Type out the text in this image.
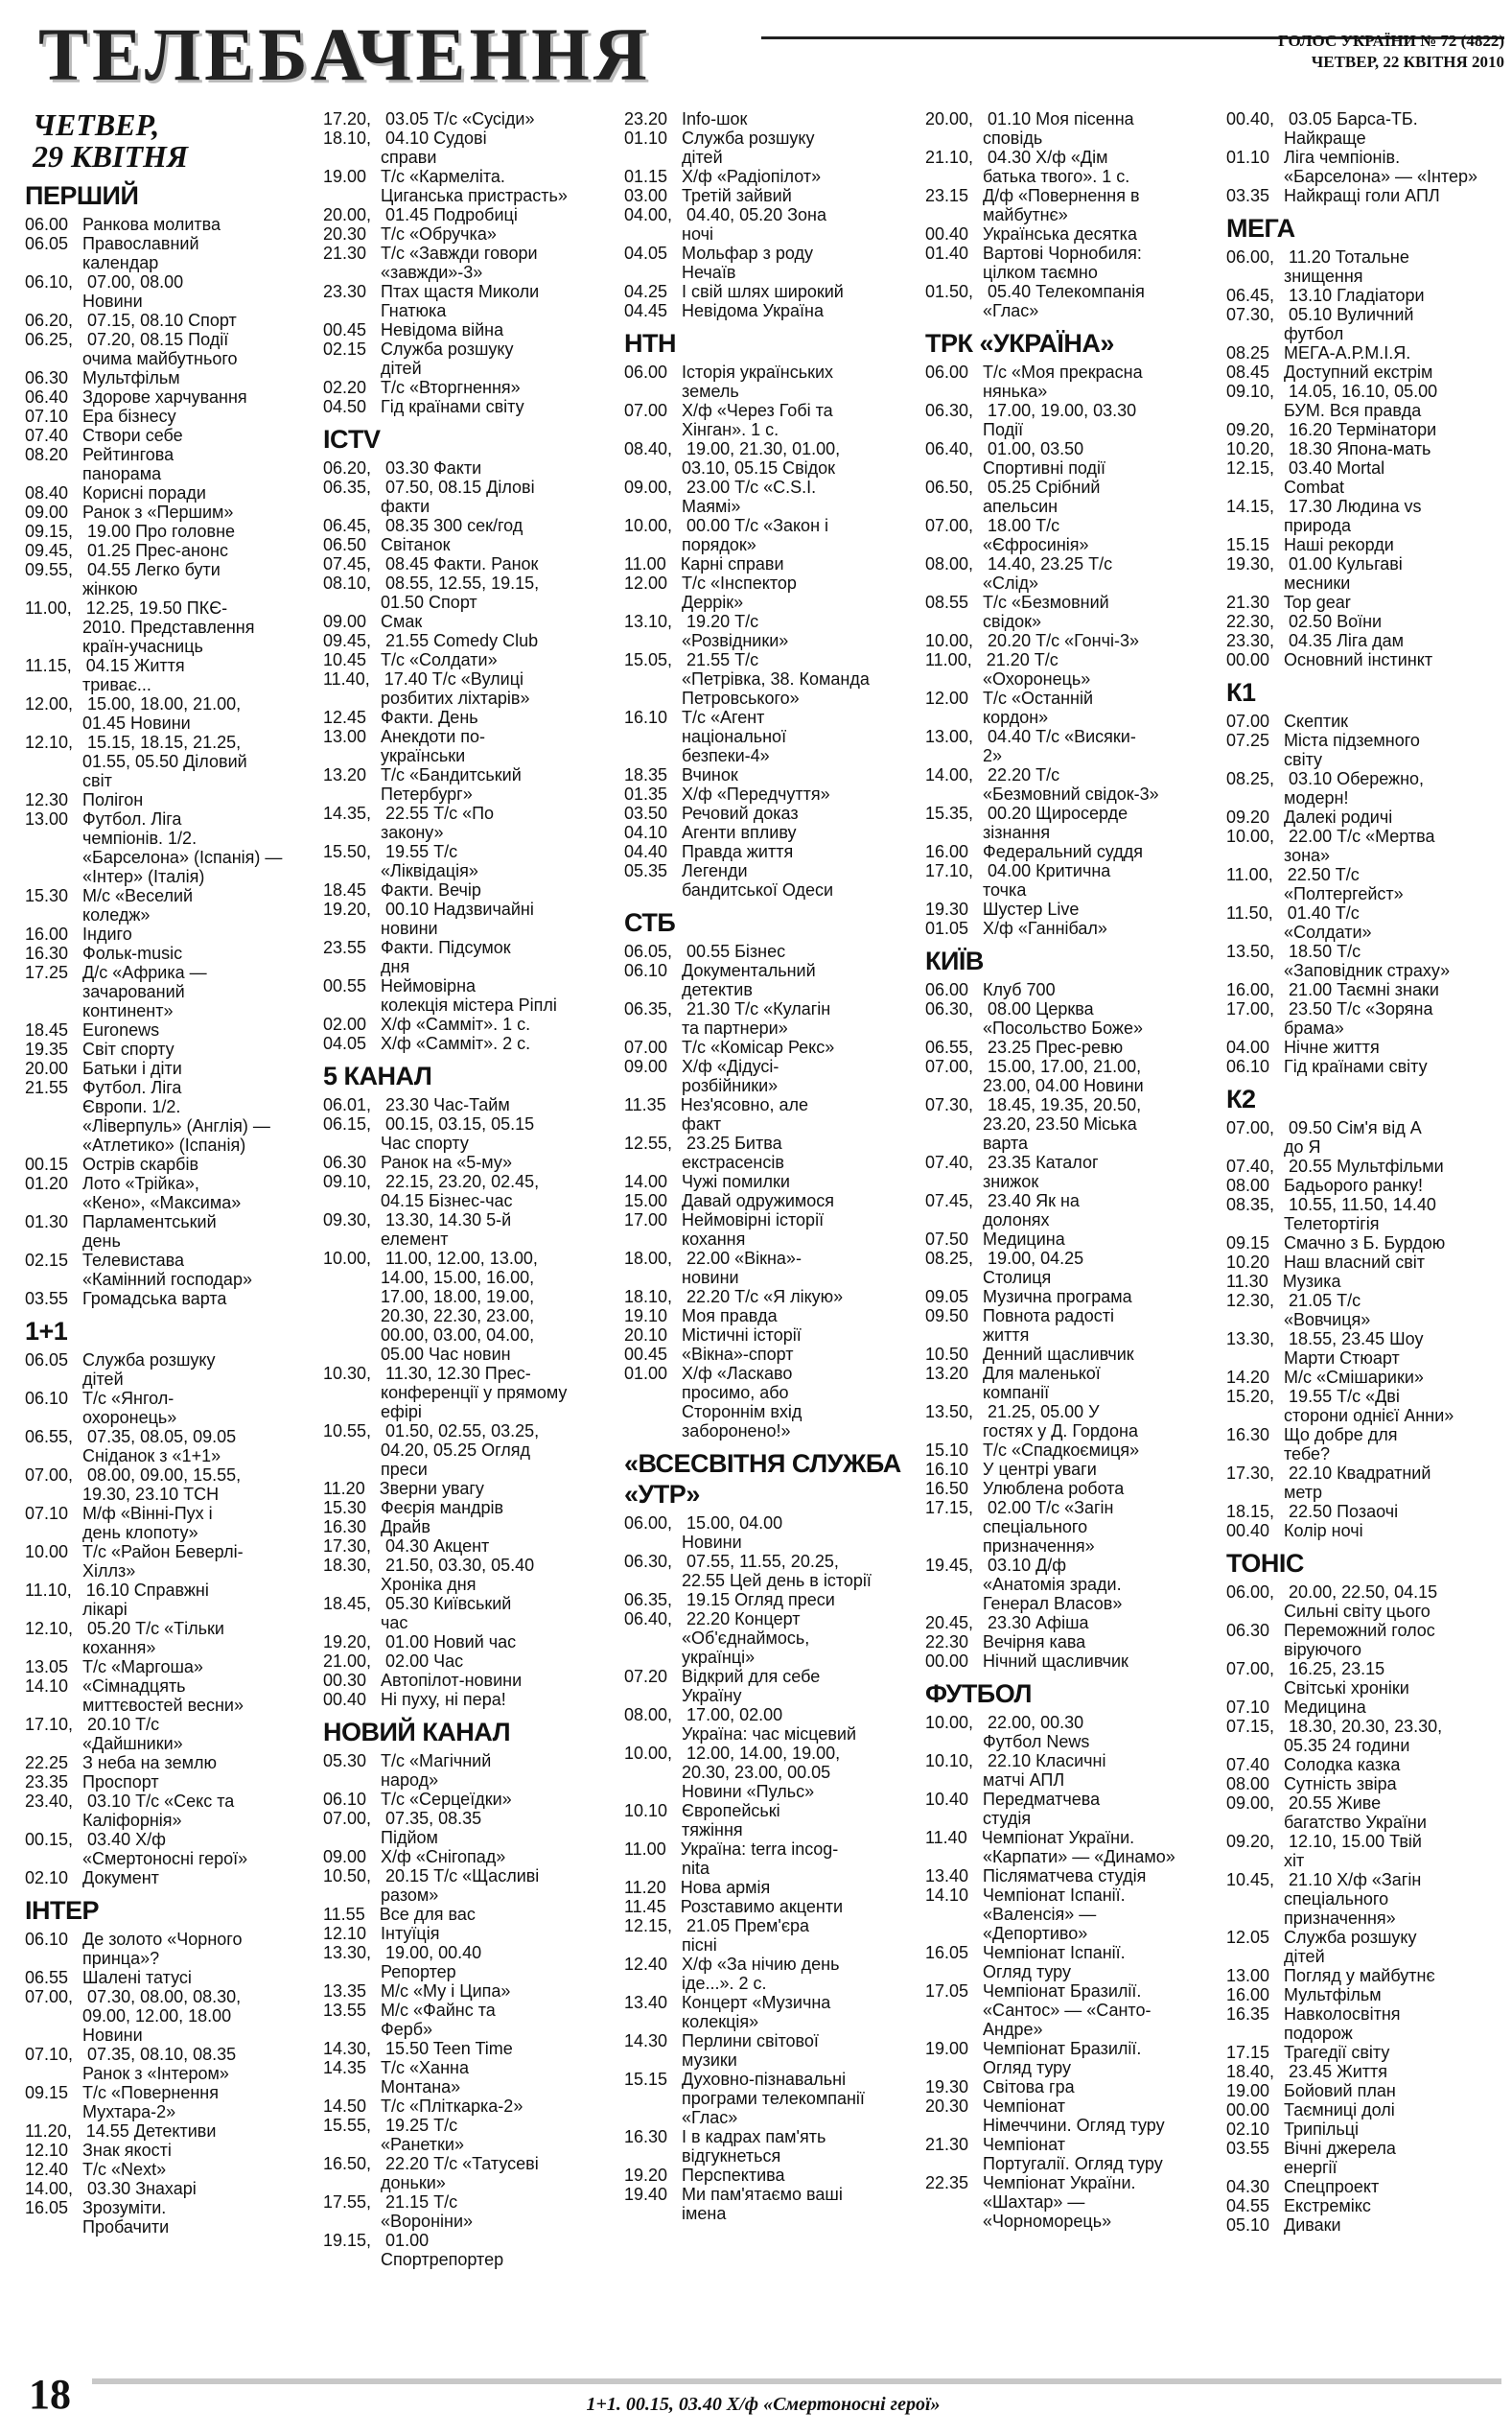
ТЕЛЕБАЧЕННЯ	ГОЛОС УКРАЇНИ № 72 (4822)
ЧЕТВЕР, 22 КВІТНЯ 2010
ЧЕТВЕР,
29 КВІТНЯ
ПЕРШИЙ
06.00   Ранкова молитва
06.05   Православний
календар
06.10,   07.00, 08.00
Новини
06.20,   07.15, 08.10 Спорт
06.25,   07.20, 08.15 Події
очима майбутнього
06.30   Мультфільм
06.40   Здорове харчування
07.10   Ера бізнесу
07.40   Створи себе
08.20   Рейтингова
панорама
08.40   Корисні поради
09.00   Ранок з «Першим»
09.15,   19.00 Про головне
09.45,   01.25 Прес-анонс
09.55,   04.55 Легко бути
жінкою
11.00,   12.25, 19.50 ПКЄ-
2010. Представлення
країн-учасниць
11.15,   04.15 Життя
триває...
12.00,   15.00, 18.00, 21.00,
01.45 Новини
12.10,   15.15, 18.15, 21.25,
01.55, 05.50 Діловий
світ
12.30   Полігон
13.00   Футбол. Ліга
чемпіонів. 1/2.
«Барселона» (Іспанія) —
«Інтер» (Італія)
15.30   М/с «Веселий
коледж»
16.00   Індиго
16.30   Фольк-music
17.25   Д/с «Африка —
зачарований
континент»
18.45   Euronews
19.35   Світ спорту
20.00   Батьки і діти
21.55   Футбол. Ліга
Європи. 1/2.
«Ліверпуль» (Англія) —
«Атлетико» (Іспанія)
00.15   Острів скарбів
01.20   Лото «Трійка»,
«Кено», «Максима»
01.30   Парламентський
день
02.15   Телевистава
«Камінний господар»
03.55   Громадська варта
1+1
06.05   Служба розшуку
дітей
06.10   Т/с «Янгол-
охоронець»
06.55,   07.35, 08.05, 09.05
Сніданок з «1+1»
07.00,   08.00, 09.00, 15.55,
19.30, 23.10 ТСН
07.10   М/ф «Вінні-Пух і
день клопоту»
10.00   Т/с «Район Беверлі-
Хіллз»
11.10,   16.10 Справжні
лікарі
12.10,   05.20 Т/с «Тільки
кохання»
13.05   Т/с «Маргоша»
14.10   «Сімнадцять
миттєвостей весни»
17.10,   20.10 Т/с
«Дайшники»
22.25   З неба на землю
23.35   Проспорт
23.40,   03.10 Т/с «Секс та
Каліфорнія»
00.15,   03.40 Х/ф
«Смертоносні герої»
02.10   Документ
ІНТЕР
06.10   Де золото «Чорного
принца»?
06.55   Шалені татусі
07.00,   07.30, 08.00, 08.30,
09.00, 12.00, 18.00
Новини
07.10,   07.35, 08.10, 08.35
Ранок з «Інтером»
09.15   Т/с «Повернення
Мухтара-2»
11.20,   14.55 Детективи
12.10   Знак якості
12.40   Т/с «Next»
14.00,   03.30 Знахарі
16.05   Зрозуміти.
Пробачити
17.20,   03.05 Т/с «Сусіди»
18.10,   04.10 Судові
справи
19.00   Т/с «Кармеліта.
Циганська пристрасть»
20.00,   01.45 Подробиці
20.30   Т/с «Обручка»
21.30   Т/с «Завжди говори
«завжди»-3»
23.30   Птах щастя Миколи
Гнатюка
00.45   Невідома війна
02.15   Служба розшуку
дітей
02.20   Т/с «Вторгнення»
04.50   Гід країнами світу
ICTV
06.20,   03.30 Факти
06.35,   07.50, 08.15 Ділові
факти
06.45,   08.35 300 сек/год
06.50   Світанок
07.45,   08.45 Факти. Ранок
08.10,   08.55, 12.55, 19.15,
01.50 Спорт
09.00   Смак
09.45,   21.55 Comedy Club
10.45   Т/с «Солдати»
11.40,   17.40 Т/с «Вулиці
розбитих ліхтарів»
12.45   Факти. День
13.00   Анекдоти по-
українськи
13.20   Т/с «Бандитський
Петербург»
14.35,   22.55 Т/с «По
закону»
15.50,   19.55 Т/с
«Ліквідація»
18.45   Факти. Вечір
19.20,   00.10 Надзвичайні
новини
23.55   Факти. Підсумок
дня
00.55   Неймовірна
колекція містера Ріплі
02.00   Х/ф «Самміт». 1 с.
04.05   Х/ф «Самміт». 2 с.
5 КАНАЛ
06.01,   23.30 Час-Тайм
06.15,   00.15, 03.15, 05.15
Час спорту
06.30   Ранок на «5-му»
09.10,   22.15, 23.20, 02.45,
04.15 Бізнес-час
09.30,   13.30, 14.30 5-й
елемент
10.00,   11.00, 12.00, 13.00,
14.00, 15.00, 16.00,
17.00, 18.00, 19.00,
20.30, 22.30, 23.00,
00.00, 03.00, 04.00,
05.00 Час новин
10.30,   11.30, 12.30 Прес-
конференції у прямому
ефірі
10.55,   01.50, 02.55, 03.25,
04.20, 05.25 Огляд
преси
11.20   Зверни увагу
15.30   Феєрія мандрів
16.30   Драйв
17.30,   04.30 Акцент
18.30,   21.50, 03.30, 05.40
Хроніка дня
18.45,   05.30 Київський
час
19.20,   01.00 Новий час
21.00,   02.00 Час
00.30   Автопілот-новини
00.40   Ні пуху, ні пера!
НОВИЙ КАНАЛ
05.30   Т/с «Магічний
народ»
06.10   Т/с «Серцеїдки»
07.00,   07.35, 08.35
Підйом
09.00   Х/ф «Снігопад»
10.50,   20.15 Т/с «Щасливі
разом»
11.55   Все для вас
12.10   Інтуїція
13.30,   19.00, 00.40
Репортер
13.35   М/с «Му і Ципа»
13.55   М/с «Файнс та
Ферб»
14.30,   15.50 Teen Time
14.35   Т/с «Ханна
Монтана»
14.50   Т/с «Пліткарка-2»
15.55,   19.25 Т/с
«Ранетки»
16.50,   22.20 Т/с «Татусеві
доньки»
17.55,   21.15 Т/с
«Вороніни»
19.15,   01.00
Спортрепортер
23.20   Info-шок
01.10   Служба розшуку
дітей
01.15   Х/ф «Радіопілот»
03.00   Третій зайвий
04.00,   04.40, 05.20 Зона
ночі
04.05   Мольфар з роду
Нечаїв
04.25   І свій шлях широкий
04.45   Невідома Україна
НТН
06.00   Історія українських
земель
07.00   Х/ф «Через Гобі та
Хінган». 1 с.
08.40,   19.00, 21.30, 01.00,
03.10, 05.15 Свідок
09.00,   23.00 Т/с «C.S.I.
Маямі»
10.00,   00.00 Т/с «Закон і
порядок»
11.00   Карні справи
12.00   Т/с «Інспектор
Деррік»
13.10,   19.20 Т/с
«Розвідники»
15.05,   21.55 Т/с
«Петрівка, 38. Команда
Петровського»
16.10   Т/с «Агент
національної
безпеки-4»
18.35   Вчинок
01.35   Х/ф «Передчуття»
03.50   Речовий доказ
04.10   Агенти впливу
04.40   Правда життя
05.35   Легенди
бандитської Одеси
СТБ
06.05,   00.55 Бізнес
06.10   Документальний
детектив
06.35,   21.30 Т/с «Кулагін
та партнери»
07.00   Т/с «Комісар Рекс»
09.00   Х/ф «Дідусі-
розбійники»
11.35   Нез'ясовно, але
факт
12.55,   23.25 Битва
екстрасенсів
14.00   Чужі помилки
15.00   Давай одружимося
17.00   Неймовірні історії
кохання
18.00,   22.00 «Вікна»-
новини
18.10,   22.20 Т/с «Я лікую»
19.10   Моя правда
20.10   Містичні історії
00.45   «Вікна»-спорт
01.00   Х/ф «Ласкаво
просимо, або
Стороннім вхід
заборонено!»
«ВСЕСВІТНЯ СЛУЖБА «УТР»
06.00,   15.00, 04.00
Новини
06.30,   07.55, 11.55, 20.25,
22.55 Цей день в історії
06.35,   19.15 Огляд преси
06.40,   22.20 Концерт
«Об'єднаймось,
українці»
07.20   Відкрий для себе
Україну
08.00,   17.00, 02.00
Україна: час місцевий
10.00,   12.00, 14.00, 19.00,
20.30, 23.00, 00.05
Новини «Пульс»
10.10   Європейські
тяжіння
11.00   Україна: terra incog-
nita
11.20   Нова армія
11.45   Розставимо акценти
12.15,   21.05 Прем'єра
пісні
12.40   Х/ф «За нічию день
іде...». 2 с.
13.40   Концерт «Музична
колекція»
14.30   Перлини світової
музики
15.15   Духовно-пізнавальні
програми телекомпанії
«Глас»
16.30   І в кадрах пам'ять
відгукнеться
19.20   Перспектива
19.40   Ми пам'ятаємо ваші
імена
20.00,   01.10 Моя пісенна
сповідь
21.10,   04.30 Х/ф «Дім
батька твого». 1 с.
23.15   Д/ф «Повернення в
майбутнє»
00.40   Українська десятка
01.40   Вартові Чорнобиля:
цілком таємно
01.50,   05.40 Телекомпанія
«Глас»
ТРК «УКРАЇНА»
06.00   Т/с «Моя прекрасна
нянька»
06.30,   17.00, 19.00, 03.30
Події
06.40,   01.00, 03.50
Спортивні події
06.50,   05.25 Срібний
апельсин
07.00,   18.00 Т/с
«Єфросинія»
08.00,   14.40, 23.25 Т/с
«Слід»
08.55   Т/с «Безмовний
свідок»
10.00,   20.20 Т/с «Гончі-3»
11.00,   21.20 Т/с
«Охоронець»
12.00   Т/с «Останній
кордон»
13.00,   04.40 Т/с «Висяки-
2»
14.00,   22.20 Т/с
«Безмовний свідок-3»
15.35,   00.20 Щиросерде
зізнання
16.00   Федеральний суддя
17.10,   04.00 Критична
точка
19.30   Шустер Live
01.05   Х/ф «Ганнібал»
КИЇВ
06.00   Клуб 700
06.30,   08.00 Церква
«Посольство Боже»
06.55,   23.25 Прес-ревю
07.00,   15.00, 17.00, 21.00,
23.00, 04.00 Новини
07.30,   18.45, 19.35, 20.50,
23.20, 23.50 Міська
варта
07.40,   23.35 Каталог
знижок
07.45,   23.40 Як на
долонях
07.50   Медицина
08.25,   19.00, 04.25
Столиця
09.05   Музична програма
09.50   Повнота радості
життя
10.50   Денний щасливчик
13.20   Для маленької
компанії
13.50,   21.25, 05.00 У
гостях у Д. Гордона
15.10   Т/с «Спадкоємиця»
16.10   У центрі уваги
16.50   Улюблена робота
17.15,   02.00 Т/с «Загін
спеціального
призначення»
19.45,   03.10 Д/ф
«Анатомія зради.
Генерал Власов»
20.45,   23.30 Афіша
22.30   Вечірня кава
00.00   Нічний щасливчик
ФУТБОЛ
10.00,   22.00, 00.30
Футбол News
10.10,   22.10 Класичні
матчі АПЛ
10.40   Передматчева
студія
11.40   Чемпіонат України.
«Карпати» — «Динамо»
13.40   Післяматчева студія
14.10   Чемпіонат Іспанії.
«Валенсія» —
«Депортиво»
16.05   Чемпіонат Іспанії.
Огляд туру
17.05   Чемпіонат Бразилії.
«Сантос» — «Санто-
Андре»
19.00   Чемпіонат Бразилії.
Огляд туру
19.30   Світова гра
20.30   Чемпіонат
Німеччини. Огляд туру
21.30   Чемпіонат
Португалії. Огляд туру
22.35   Чемпіонат України.
«Шахтар» —
«Чорноморець»
00.40,   03.05 Барса-ТБ.
Найкраще
01.10   Ліга чемпіонів.
«Барселона» — «Інтер»
03.35   Найкращі голи АПЛ
МЕГА
06.00,   11.20 Тотальне
знищення
06.45,   13.10 Гладіатори
07.30,   05.10 Вуличний
футбол
08.25   МЕГА-А.Р.М.І.Я.
08.45   Доступний екстрім
09.10,   14.05, 16.10, 05.00
БУМ. Вся правда
09.20,   16.20 Термінатори
10.20,   18.30 Япона-мать
12.15,   03.40 Mortal
Combat
14.15,   17.30 Людина vs
природа
15.15   Наші рекорди
19.30,   01.00 Кульгаві
месники
21.30   Top gear
22.30,   02.50 Воїни
23.30,   04.35 Ліга дам
00.00   Основний інстинкт
К1
07.00   Скептик
07.25   Міста підземного
світу
08.25,   03.10 Обережно,
модерн!
09.20   Далекі родичі
10.00,   22.00 Т/с «Мертва
зона»
11.00,   22.50 Т/с
«Полтергейст»
11.50,   01.40 Т/с
«Солдати»
13.50,   18.50 Т/с
«Заповідник страху»
16.00,   21.00 Таємні знаки
17.00,   23.50 Т/с «Зоряна
брама»
04.00   Нічне життя
06.10   Гід країнами світу
К2
07.00,   09.50 Сім'я від А
до Я
07.40,   20.55 Мультфільми
08.00   Бадьорого ранку!
08.35,   10.55, 11.50, 14.40
Телетортігія
09.15   Смачно з Б. Бурдою
10.20   Наш власний світ
11.30   Музика
12.30,   21.05 Т/с
«Вовчиця»
13.30,   18.55, 23.45 Шоу
Марти Стюарт
14.20   М/с «Смішарики»
15.20,   19.55 Т/с «Дві
сторони однієї Анни»
16.30   Що добре для
тебе?
17.30,   22.10 Квадратний
метр
18.15,   22.50 Позаочі
00.40   Колір ночі
ТОНІС
06.00,   20.00, 22.50, 04.15
Сильні світу цього
06.30   Переможний голос
віруючого
07.00,   16.25, 23.15
Світські хроніки
07.10   Медицина
07.15,   18.30, 20.30, 23.30,
05.35 24 години
07.40   Солодка казка
08.00   Сутність звіра
09.00,   20.55 Живе
багатство України
09.20,   12.10, 15.00 Твій
хіт
10.45,   21.10 Х/ф «Загін
спеціального
призначення»
12.05   Служба розшуку
дітей
13.00   Погляд у майбутнє
16.00   Мультфільм
16.35   Навколосвітня
подорож
17.15   Трагедії світу
18.40,   23.45 Життя
19.00   Бойовий план
00.00   Таємниці долі
02.10   Трипільці
03.55   Вічні джерела
енергії
04.30   Спецпроект
04.55   Екстремікс
05.10   Диваки
18	1+1. 00.15, 03.40 Х/ф «Смертоносні герої»
